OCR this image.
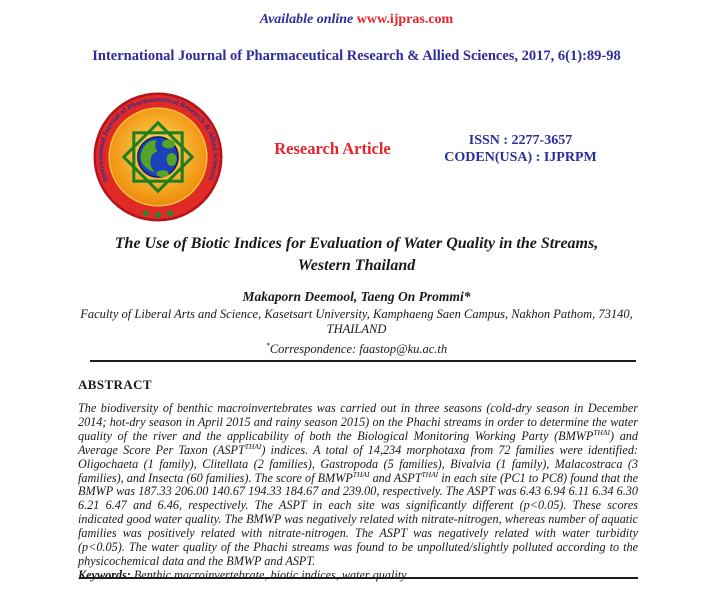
Available online www.ijpras.com
International Journal of Pharmaceutical Research & Allied Sciences, 2017, 6(1):89-98
International Journal of Pharmaceutical Research & Allied Sciences
Research Article	ISSN : 2277-3657
CODEN(USA) : IJPRPM
The Use of Biotic Indices for Evaluation of Water Quality in the Streams,
Western Thailand
Makaporn Deemool, Taeng On Prommi*
Faculty of Liberal Arts and Science, Kasetsart University, Kamphaeng Saen Campus, Nakhon Pathom, 73140,
THAILAND
*Correspondence: faastop@ku.ac.th
ABSTRACT
The biodiversity of benthic macroinvertebrates was carried out in three seasons (cold-dry season in December 2014; hot-dry season in April 2015 and rainy season 2015) on the Phachi streams in order to determine the water quality of the river and the applicability of both the Biological Monitoring Working Party $(BMWP^{THAI})$ and Average Score Per Taxon $(ASPT^{THAI})$ indices. A total of 14,234 morphotaxa from 72 families were identified: Oligochaeta (1 family), Clitellata (2 families), Gastropoda (5 families), Bivalvia (1 family), Malacostraca (3 families), and Insecta (60 families). The score of $BMWP^{THAI}$ and $ASPT^{THAI}$ in each site (PC1 to PC8) found that the BMWP was 187.33 206.00 140.67 194.33 184.67 and 239.00, respectively. The ASPT was 6.43 6.94 6.11 6.34 6.30 6.21 6.47 and 6.46, respectively. The ASPT in each site was significantly different (p<0.05). These scores indicated good water quality. The BMWP was negatively related with nitrate-nitrogen, whereas number of aquatic families was positively related with nitrate-nitrogen. The ASPT was negatively related with water turbidity (p<0.05). The water quality of the Phachi streams was found to be unpolluted/slightly polluted according to the physicochemical data and the BMWP and ASPT.
Keywords: Benthic macroinvertebrate, biotic indices, water quality
